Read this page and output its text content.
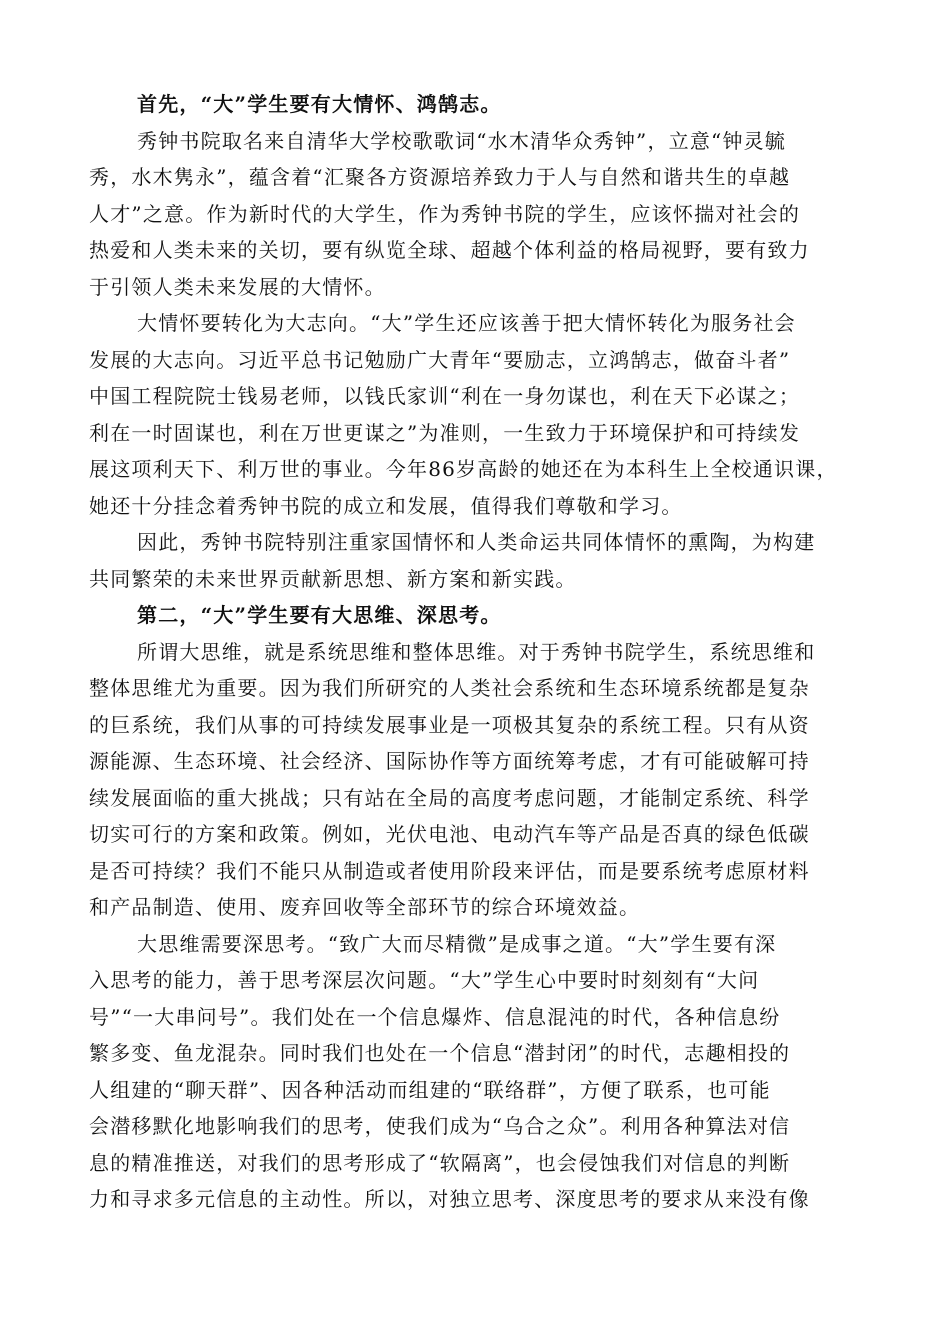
首先，“大”学生要有大情怀、鸿鹄志。
秀钟书院取名来自清华大学校歌歌词“水木清华众秀钟”，立意“钟灵毓
秀，水木隽永”，蕴含着“汇聚各方资源培养致力于人与自然和谐共生的卓越
人才”之意。作为新时代的大学生，作为秀钟书院的学生，应该怀揣对社会的
热爱和人类未来的关切，要有纵览全球、超越个体利益的格局视野，要有致力
于引领人类未来发展的大情怀。
大情怀要转化为大志向。“大”学生还应该善于把大情怀转化为服务社会
发展的大志向。习近平总书记勉励广大青年“要励志，立鸿鹄志，做奋斗者”
中国工程院院士钱易老师，以钱氏家训“利在一身勿谋也，利在天下必谋之；
利在一时固谋也，利在万世更谋之”为准则，一生致力于环境保护和可持续发
展这项利天下、利万世的事业。今年86岁高龄的她还在为本科生上全校通识课，
她还十分挂念着秀钟书院的成立和发展，值得我们尊敬和学习。
因此，秀钟书院特别注重家国情怀和人类命运共同体情怀的熏陶，为构建
共同繁荣的未来世界贡献新思想、新方案和新实践。
第二，“大”学生要有大思维、深思考。
所谓大思维，就是系统思维和整体思维。对于秀钟书院学生，系统思维和
整体思维尤为重要。因为我们所研究的人类社会系统和生态环境系统都是复杂
的巨系统，我们从事的可持续发展事业是一项极其复杂的系统工程。只有从资
源能源、生态环境、社会经济、国际协作等方面统筹考虑，才有可能破解可持
续发展面临的重大挑战；只有站在全局的高度考虑问题，才能制定系统、科学
切实可行的方案和政策。例如，光伏电池、电动汽车等产品是否真的绿色低碳
是否可持续？我们不能只从制造或者使用阶段来评估，而是要系统考虑原材料
和产品制造、使用、废弃回收等全部环节的综合环境效益。
大思维需要深思考。“致广大而尽精微”是成事之道。“大”学生要有深
入思考的能力，善于思考深层次问题。“大”学生心中要时时刻刻有“大问
号”“一大串问号”。我们处在一个信息爆炸、信息混沌的时代，各种信息纷
繁多变、鱼龙混杂。同时我们也处在一个信息“潜封闭”的时代，志趣相投的
人组建的“聊天群”、因各种活动而组建的“联络群”，方便了联系，也可能
会潜移默化地影响我们的思考，使我们成为“乌合之众”。利用各种算法对信
息的精准推送，对我们的思考形成了“软隔离”，也会侵蚀我们对信息的判断
力和寻求多元信息的主动性。所以，对独立思考、深度思考的要求从来没有像
